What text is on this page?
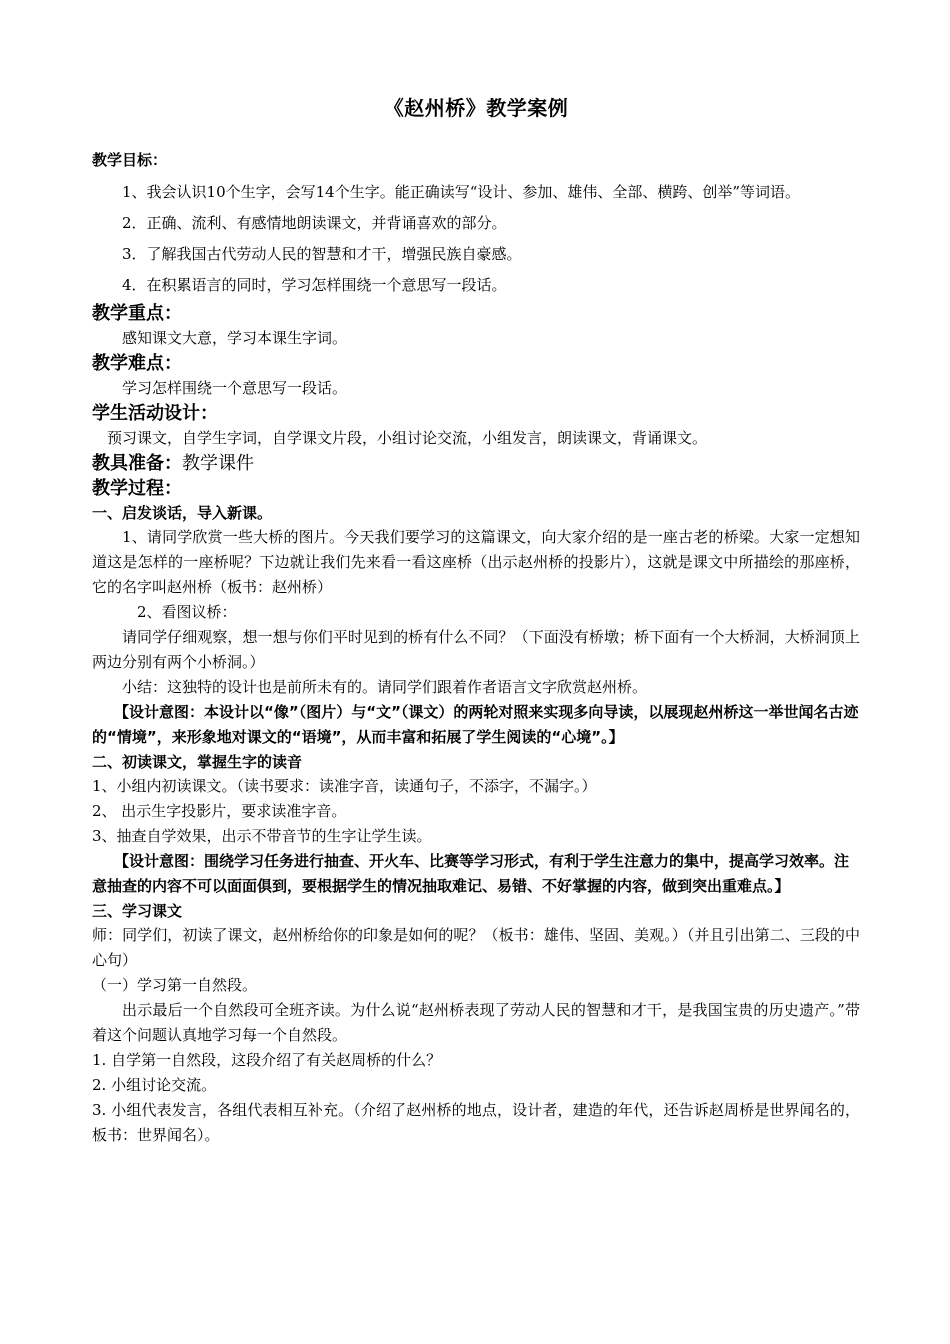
《赵州桥》教学案例

教学目标：

1、我会认识10个生字，会写14个生字。能正确读写“设计、参加、雄伟、全部、横跨、创举”等词语。

2．正确、流利、有感情地朗读课文，并背诵喜欢的部分。

3．了解我国古代劳动人民的智慧和才干，增强民族自豪感。

4．在积累语言的同时，学习怎样围绕一个意思写一段话。

教学重点：

感知课文大意，学习本课生字词。

教学难点：

学习怎样围绕一个意思写一段话。

学生活动设计：

预习课文，自学生字词，自学课文片段，小组讨论交流，小组发言，朗读课文，背诵课文。

教具准备：教学课件

教学过程：

一、启发谈话，导入新课。

1、请同学欣赏一些大桥的图片。今天我们要学习的这篇课文，向大家介绍的是一座古老的桥梁。大家一定想知道这是怎样的一座桥呢？下边就让我们先来看一看这座桥（出示赵州桥的投影片），这就是课文中所描绘的那座桥，它的名字叫赵州桥（板书：赵州桥）

2、看图议桥：

请同学仔细观察，想一想与你们平时见到的桥有什么不同？（下面没有桥墩；桥下面有一个大桥洞，大桥洞顶上两边分别有两个小桥洞。）

小结：这独特的设计也是前所未有的。请同学们跟着作者语言文字欣赏赵州桥。

【设计意图：本设计以“像”（图片）与“文”（课文）的两轮对照来实现多向导读，以展现赵州桥这一举世闻名古迹的“情境”，来形象地对课文的“语境”，从而丰富和拓展了学生阅读的“心境”。】

二、初读课文，掌握生字的读音

1、小组内初读课文。（读书要求：读准字音，读通句子，不添字，不漏字。）

2、 出示生字投影片，要求读准字音。

3、抽查自学效果，出示不带音节的生字让学生读。

【设计意图：围绕学习任务进行抽查、开火车、比赛等学习形式，有利于学生注意力的集中，提高学习效率。注意抽查的内容不可以面面俱到，要根据学生的情况抽取难记、易错、不好掌握的内容，做到突出重难点。】

三、学习课文

师：同学们，初读了课文，赵州桥给你的印象是如何的呢？（板书：雄伟、坚固、美观。）（并且引出第二、三段的中心句）

（一）学习第一自然段。

出示最后一个自然段可全班齐读。为什么说“赵州桥表现了劳动人民的智慧和才干，是我国宝贵的历史遗产。”带着这个问题认真地学习每一个自然段。

1. 自学第一自然段，这段介绍了有关赵周桥的什么？

2. 小组讨论交流。

3. 小组代表发言，各组代表相互补充。（介绍了赵州桥的地点，设计者，建造的年代，还告诉赵周桥是世界闻名的，板书：世界闻名）。
